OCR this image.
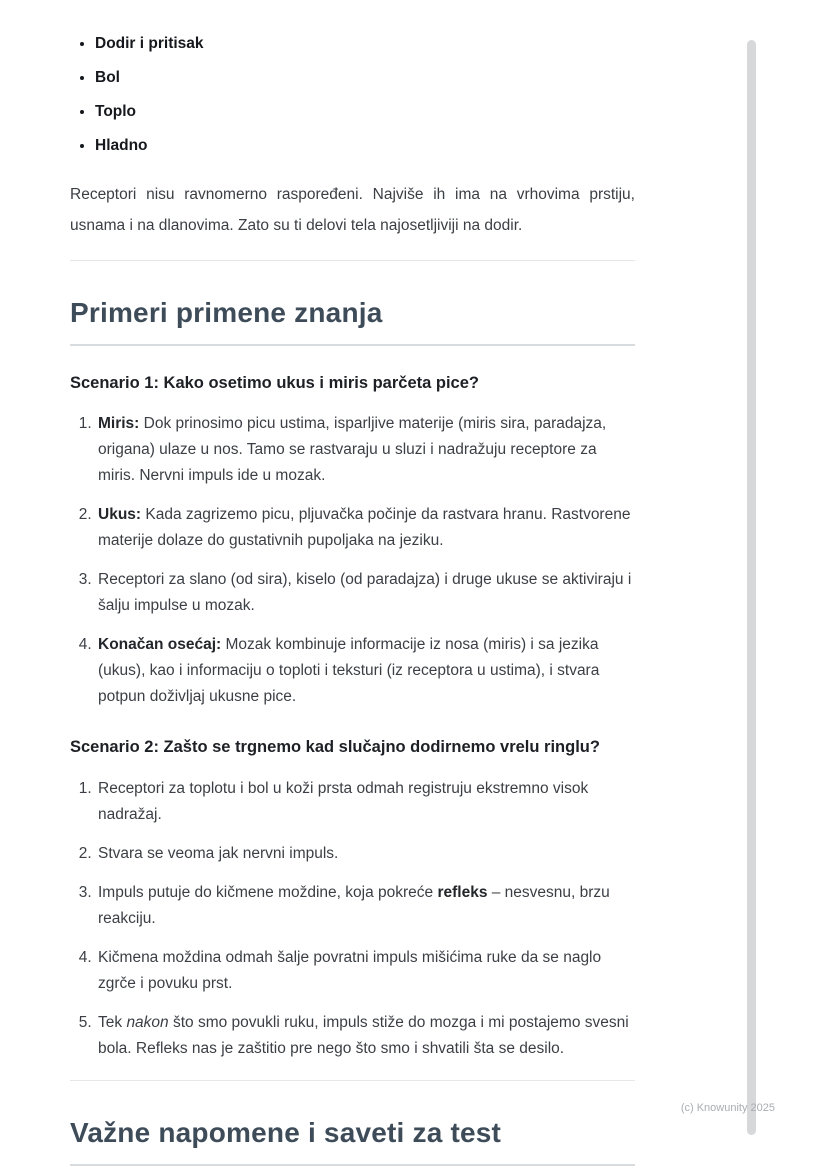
• Dodir i pritisak
• Bol
• Toplo
• Hladno

Receptori nisu ravnomerno raspoređeni. Najviše ih ima na vrhovima prstiju, usnama i na dlanovima. Zato su ti delovi tela najosetljiviji na dodir.

Primeri primene znanja
Scenario 1: Kako osetimo ukus i miris parčeta pice?
1. Miris: Dok prinosimo picu ustima, isparljive materije (miris sira, paradajza, origana) ulaze u nos. Tamo se rastvaraju u sluzi i nadražuju receptore za miris. Nervni impuls ide u mozak.
2. Ukus: Kada zagrizemo picu, pljuvačka počinje da rastvara hranu. Rastvorene materije dolaze do gustativnih pupoljaka na jeziku.
3. Receptori za slano (od sira), kiselo (od paradajza) i druge ukuse se aktiviraju i šalju impulse u mozak.
4. Konačan osećaj: Mozak kombinuje informacije iz nosa (miris) i sa jezika (ukus), kao i informaciju o toploti i teksturi (iz receptora u ustima), i stvara potpun doživljaj ukusne pice.
Scenario 2: Zašto se trgnemo kad slučajno dodirnemo vrelu ringlu?
1. Receptori za toplotu i bol u koži prsta odmah registruju ekstremno visok nadražaj.
2. Stvara se veoma jak nervni impuls.
3. Impuls putuje do kičmene moždine, koja pokreće refleks – nesvesnu, brzu reakciju.
4. Kičmena moždina odmah šalje povratni impuls mišićima ruke da se naglo zgrče i povuku prst.
5. Tek nakon što smo povukli ruku, impuls stiže do mozga i mi postajemo svesni bola. Refleks nas je zaštitio pre nego što smo i shvatili šta se desilo.
Važne napomene i saveti za test
(c) Knowunity 2025
